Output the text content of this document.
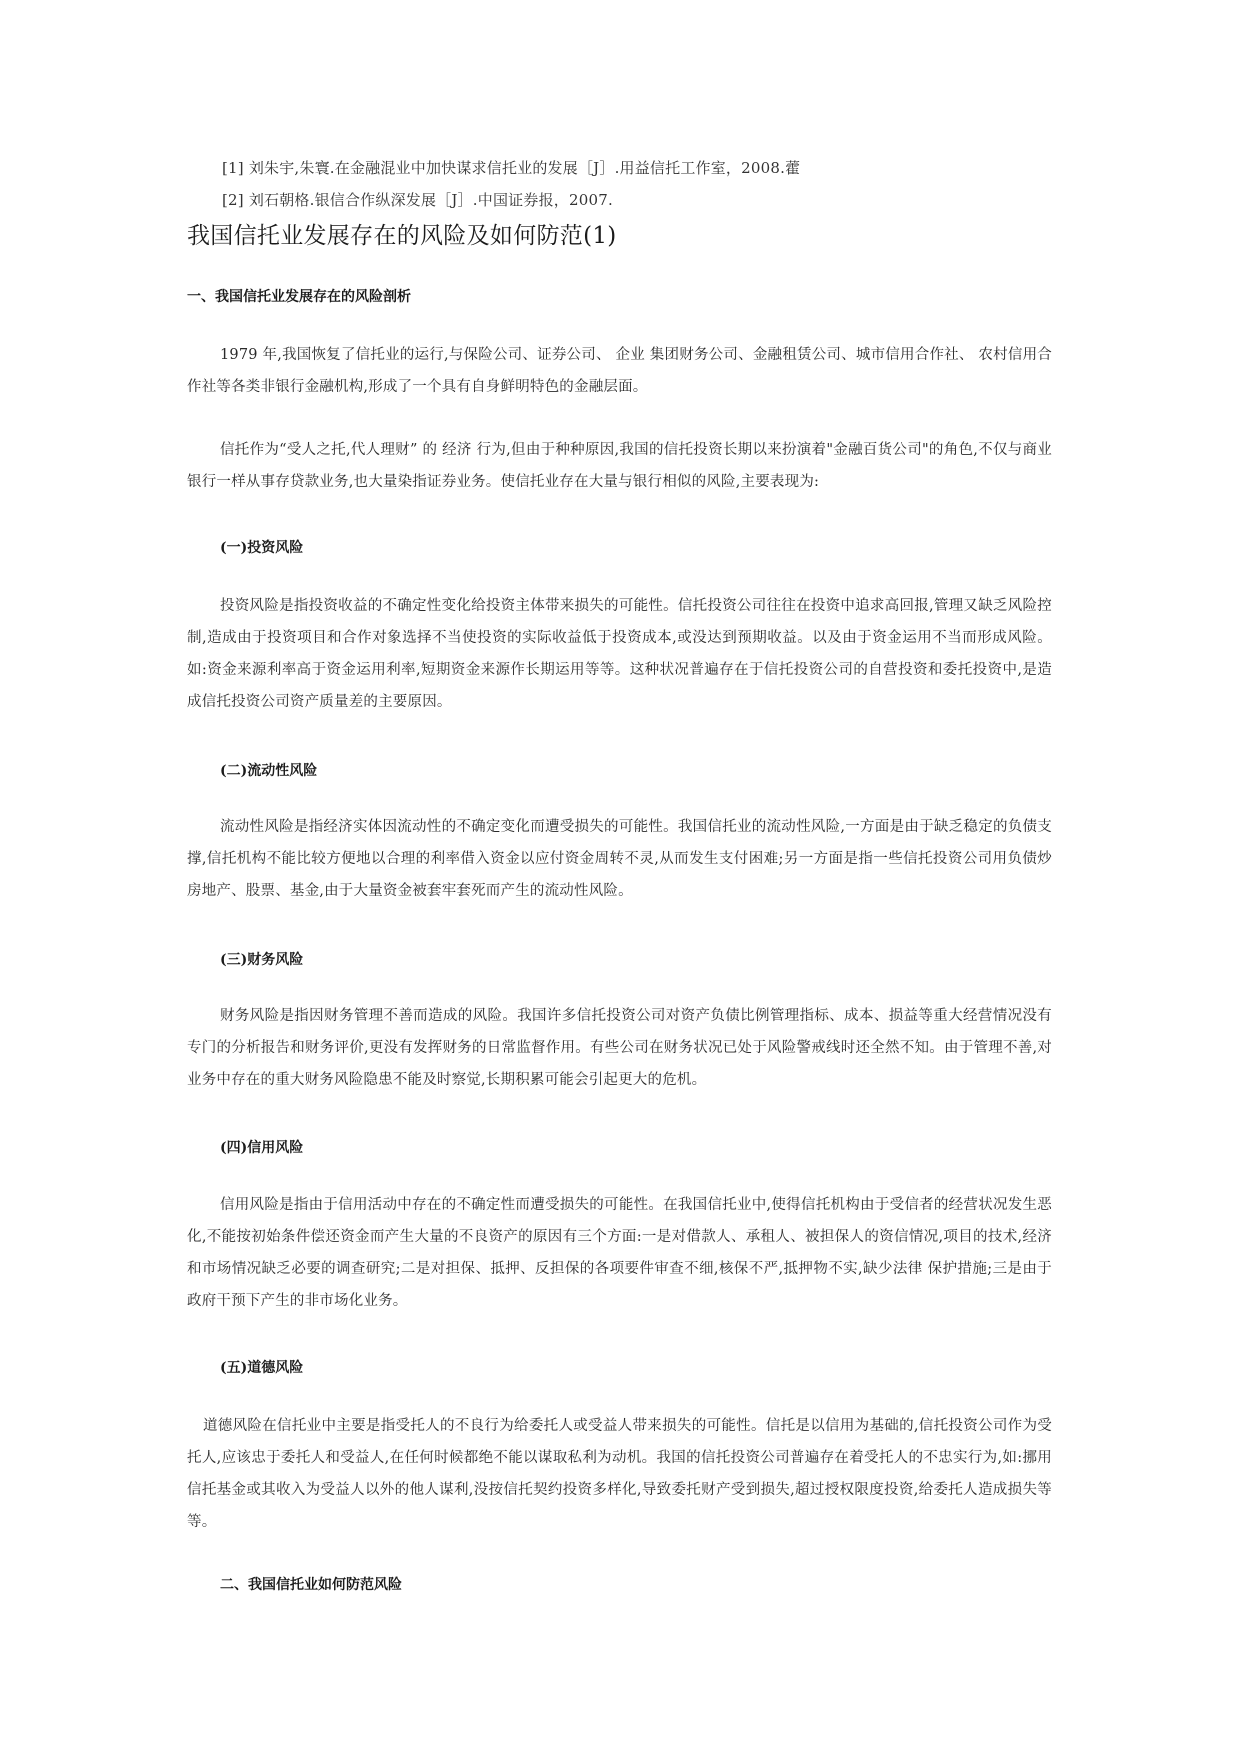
[1] 刘朱宇,朱寰.在金融混业中加快谋求信托业的发展［J］.用益信托工作室，2008.藿
[2] 刘石朝格.银信合作纵深发展［J］.中国证券报，2007.
我国信托业发展存在的风险及如何防范(1)
一、我国信托业发展存在的风险剖析
1979 年,我国恢复了信托业的运行,与保险公司、证券公司、 企业 集团财务公司、金融租赁公司、城市信用合作社、 农村信用合作社等各类非银行金融机构,形成了一个具有自身鲜明特色的金融层面。
信托作为“受人之托,代人理财” 的 经济 行为,但由于种种原因,我国的信托投资长期以来扮演着"金融百货公司"的角色,不仅与商业银行一样从事存贷款业务,也大量染指证券业务。使信托业存在大量与银行相似的风险,主要表现为:
(一)投资风险
投资风险是指投资收益的不确定性变化给投资主体带来损失的可能性。信托投资公司往往在投资中追求高回报,管理又缺乏风险控制,造成由于投资项目和合作对象选择不当使投资的实际收益低于投资成本,或没达到预期收益。以及由于资金运用不当而形成风险。如:资金来源利率高于资金运用利率,短期资金来源作长期运用等等。这种状况普遍存在于信托投资公司的自营投资和委托投资中,是造成信托投资公司资产质量差的主要原因。
(二)流动性风险
流动性风险是指经济实体因流动性的不确定变化而遭受损失的可能性。我国信托业的流动性风险,一方面是由于缺乏稳定的负债支撑,信托机构不能比较方便地以合理的利率借入资金以应付资金周转不灵,从而发生支付困难;另一方面是指一些信托投资公司用负债炒房地产、股票、基金,由于大量资金被套牢套死而产生的流动性风险。
(三)财务风险
财务风险是指因财务管理不善而造成的风险。我国许多信托投资公司对资产负债比例管理指标、成本、损益等重大经营情况没有专门的分析报告和财务评价,更没有发挥财务的日常监督作用。有些公司在财务状况已处于风险警戒线时还全然不知。由于管理不善,对业务中存在的重大财务风险隐患不能及时察觉,长期积累可能会引起更大的危机。
(四)信用风险
信用风险是指由于信用活动中存在的不确定性而遭受损失的可能性。在我国信托业中,使得信托机构由于受信者的经营状况发生恶化,不能按初始条件偿还资金而产生大量的不良资产的原因有三个方面:一是对借款人、承租人、被担保人的资信情况,项目的技术,经济和市场情况缺乏必要的调查研究;二是对担保、抵押、反担保的各项要件审查不细,核保不严,抵押物不实,缺少法律 保护措施;三是由于政府干预下产生的非市场化业务。
(五)道德风险
道德风险在信托业中主要是指受托人的不良行为给委托人或受益人带来损失的可能性。信托是以信用为基础的,信托投资公司作为受托人,应该忠于委托人和受益人,在任何时候都绝不能以谋取私利为动机。我国的信托投资公司普遍存在着受托人的不忠实行为,如:挪用信托基金或其收入为受益人以外的他人谋利,没按信托契约投资多样化,导致委托财产受到损失,超过授权限度投资,给委托人造成损失等等。
二、我国信托业如何防范风险
